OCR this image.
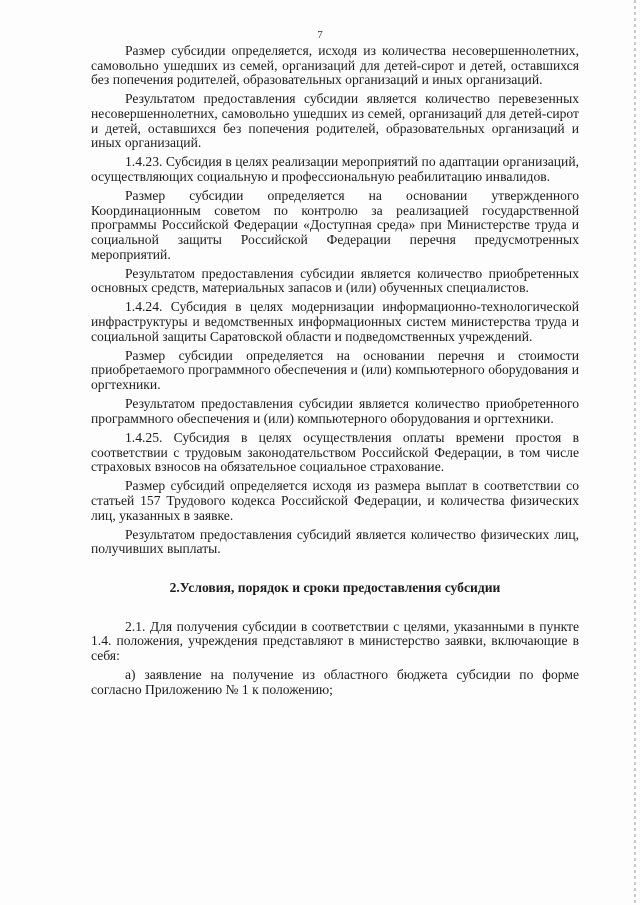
7

Размер субсидии определяется, исходя из количества несовершеннолетних, самовольно ушедших из семей, организаций для детей-сирот и детей, оставшихся без попечения родителей, образовательных организаций и иных организаций.

Результатом предоставления субсидии является количество перевезенных несовершеннолетних, самовольно ушедших из семей, организаций для детей-сирот и детей, оставшихся без попечения родителей, образовательных организаций и иных организаций.

1.4.23. Субсидия в целях реализации мероприятий по адаптации организаций, осуществляющих социальную и профессиональную реабилитацию инвалидов.

Размер субсидии определяется на основании утвержденного Координационным советом по контролю за реализацией государственной программы Российской Федерации «Доступная среда» при Министерстве труда и социальной защиты Российской Федерации перечня предусмотренных мероприятий.

Результатом предоставления субсидии является количество приобретенных основных средств, материальных запасов и (или) обученных специалистов.

1.4.24. Субсидия в целях модернизации информационно-технологической инфраструктуры и ведомственных информационных систем министерства труда и социальной защиты Саратовской области и подведомственных учреждений.

Размер субсидии определяется на основании перечня и стоимости приобретаемого программного обеспечения и (или) компьютерного оборудования и оргтехники.

Результатом предоставления субсидии является количество приобретенного программного обеспечения и (или) компьютерного оборудования и оргтехники.

1.4.25. Субсидия в целях осуществления оплаты времени простоя в соответствии с трудовым законодательством Российской Федерации, в том числе страховых взносов на обязательное социальное страхование.

Размер субсидий определяется исходя из размера выплат в соответствии со статьей 157 Трудового кодекса Российской Федерации, и количества физических лиц, указанных в заявке.

Результатом предоставления субсидий является количество физических лиц, получивших выплаты.

2.Условия, порядок и сроки предоставления субсидии

2.1. Для получения субсидии в соответствии с целями, указанными в пункте 1.4. положения, учреждения представляют в министерство заявки, включающие в себя:

а) заявление на получение из областного бюджета субсидии по форме согласно Приложению № 1 к положению;
